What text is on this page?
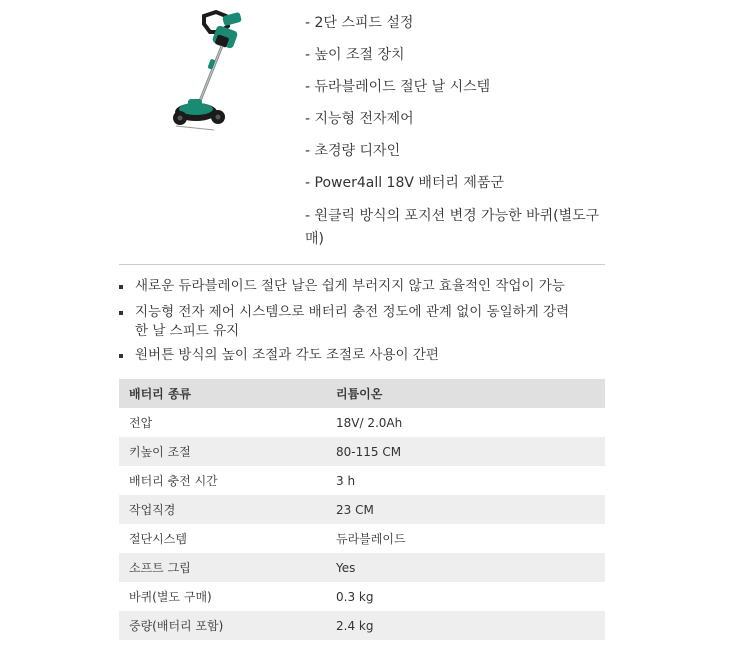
- 2단 스피드 설정
- 높이 조절 장치
- 듀라블레이드 절단 날 시스템
- 지능형 전자제어
- 초경량 디자인
- Power4all 18V 배터리 제품군
- 원클릭 방식의 포지션 변경 가능한 바퀴(별도구
매)
새로운 듀라블레이드 절단 날은 쉽게 부러지지 않고 효율적인 작업이 가능
지능형 전자 제어 시스템으로 배터리 충전 정도에 관계 없이 동일하게 강력
한 날 스피드 유지
원버튼 방식의 높이 조절과 각도 조절로 사용이 간편
배터리 종류	리튬이온
전압	18V/ 2.0Ah
키높이 조절	80-115 CM
배터리 충전 시간	3 h
작업직경	23 CM
절단시스템	듀라블레이드
소프트 그립	Yes
바퀴(별도 구매)	0.3 kg
중량(배터리 포함)	2.4 kg
